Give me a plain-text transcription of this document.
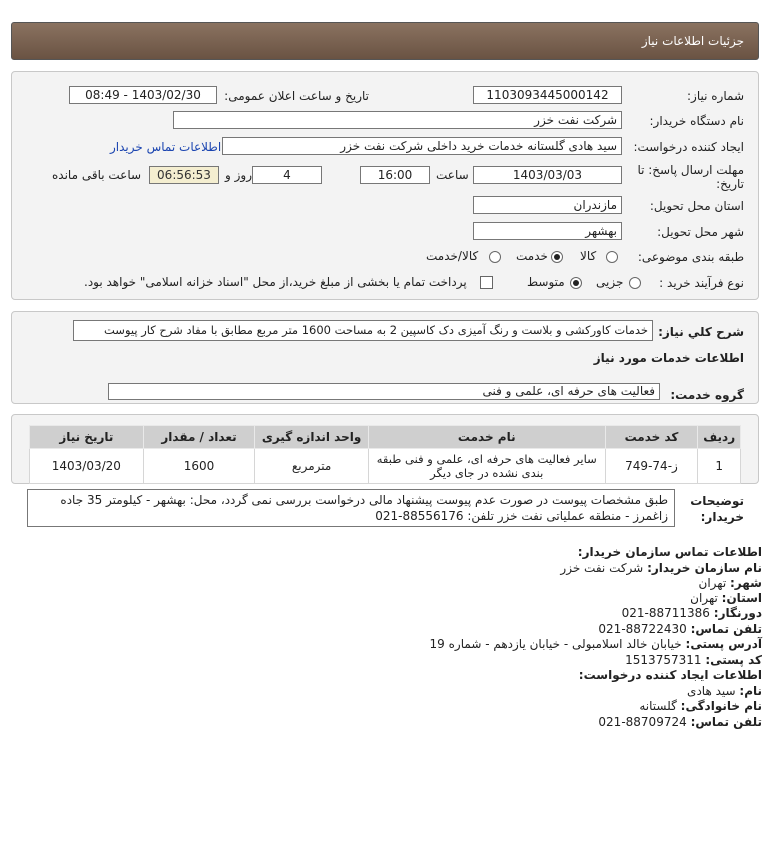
جزئیات اطلاعات نیاز
شماره نیاز:
1103093445000142
تاریخ و ساعت اعلان عمومی:
1403/02/30 - 08:49
نام دستگاه خریدار:
شرکت نفت خزر
ایجاد کننده درخواست:
سید هادی گلستانه خدمات خرید داخلی شرکت نفت خزر
اطلاعات تماس خریدار
مهلت ارسال پاسخ: تا
تاریخ:
1403/03/03
ساعت
16:00
4
روز و
06:56:53
ساعت باقی مانده
استان محل تحویل:
مازندران
شهر محل تحویل:
بهشهر
طبقه بندی موضوعی:
کالا
خدمت
کالا/خدمت
نوع فرآیند خرید :
جزیی
متوسط
پرداخت تمام یا بخشی از مبلغ خرید،از محل "اسناد خزانه اسلامی" خواهد بود.
شرح کلي نياز:
خدمات کاورکشی و بلاست و رنگ آمیزی دک کاسپین 2 به مساحت 1600 متر مربع مطابق با مفاد شرح کار پیوست
اطلاعات خدمات مورد نیاز
گروه خدمت:
فعالیت های حرفه ای، علمی و فنی
ردیف	کد خدمت	نام خدمت	واحد اندازه گیری	تعداد / مقدار	تاریخ نیاز
1	ز-74-749	سایر فعالیت های حرفه ای، علمی و فنی طبقه بندی نشده در جای دیگر	مترمربع	1600	1403/03/20
توضیحات
خریدار:
طبق مشخصات پیوست در صورت عدم پیوست پیشنهاد مالی درخواست بررسی نمی گردد، محل: بهشهر - کیلومتر 35 جاده
زاغمرز - منطقه عملیاتی نفت خزر تلفن: 88556176-021
اطلاعات تماس سازمان خریدار:
نام سازمان خریدار: شرکت نفت خزر
شهر: تهران
استان: تهران
دورنگار: 88711386-021
تلفن تماس: 88722430-021
آدرس پستی: خیابان خالد اسلامبولی - خیابان یازدهم - شماره 19
کد پستی: 1513757311
اطلاعات ایجاد کننده درخواست:
نام: سید هادی
نام خانوادگی: گلستانه
تلفن تماس: 88709724-021
